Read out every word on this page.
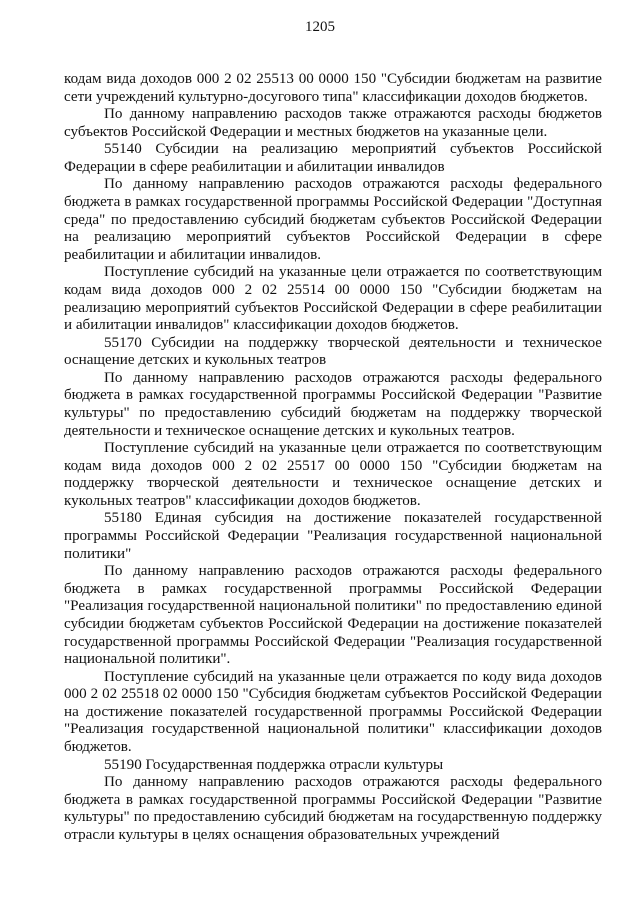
1205

кодам вида доходов 000 2 02 25513 00 0000 150 "Субсидии бюджетам на развитие сети учреждений культурно-досугового типа" классификации доходов бюджетов.

По данному направлению расходов также отражаются расходы бюджетов субъектов Российской Федерации и местных бюджетов на указанные цели.

55140 Субсидии на реализацию мероприятий субъектов Российской Федерации в сфере реабилитации и абилитации инвалидов

По данному направлению расходов отражаются расходы федерального бюджета в рамках государственной программы Российской Федерации "Доступная среда" по предоставлению субсидий бюджетам субъектов Российской Федерации на реализацию мероприятий субъектов Российской Федерации в сфере реабилитации и абилитации инвалидов.

Поступление субсидий на указанные цели отражается по соответствующим кодам вида доходов 000 2 02 25514 00 0000 150 "Субсидии бюджетам на реализацию мероприятий субъектов Российской Федерации в сфере реабилитации и абилитации инвалидов" классификации доходов бюджетов.

55170 Субсидии на поддержку творческой деятельности и техническое оснащение детских и кукольных театров

По данному направлению расходов отражаются расходы федерального бюджета в рамках государственной программы Российской Федерации "Развитие культуры" по предоставлению субсидий бюджетам на поддержку творческой деятельности и техническое оснащение детских и кукольных театров.

Поступление субсидий на указанные цели отражается по соответствующим кодам вида доходов 000 2 02 25517 00 0000 150 "Субсидии бюджетам на поддержку творческой деятельности и техническое оснащение детских и кукольных театров" классификации доходов бюджетов.

55180 Единая субсидия на достижение показателей государственной программы Российской Федерации "Реализация государственной национальной политики"

По данному направлению расходов отражаются расходы федерального бюджета в рамках государственной программы Российской Федерации "Реализация государственной национальной политики" по предоставлению единой субсидии бюджетам субъектов Российской Федерации на достижение показателей государственной программы Российской Федерации "Реализация государственной национальной политики".

Поступление субсидий на указанные цели отражается по коду вида доходов 000 2 02 25518 02 0000 150 "Субсидия бюджетам субъектов Российской Федерации на достижение показателей государственной программы Российской Федерации "Реализация государственной национальной политики" классификации доходов бюджетов.

55190 Государственная поддержка отрасли культуры

По данному направлению расходов отражаются расходы федерального бюджета в рамках государственной программы Российской Федерации "Развитие культуры" по предоставлению субсидий бюджетам на государственную поддержку отрасли культуры в целях оснащения образовательных учреждений
